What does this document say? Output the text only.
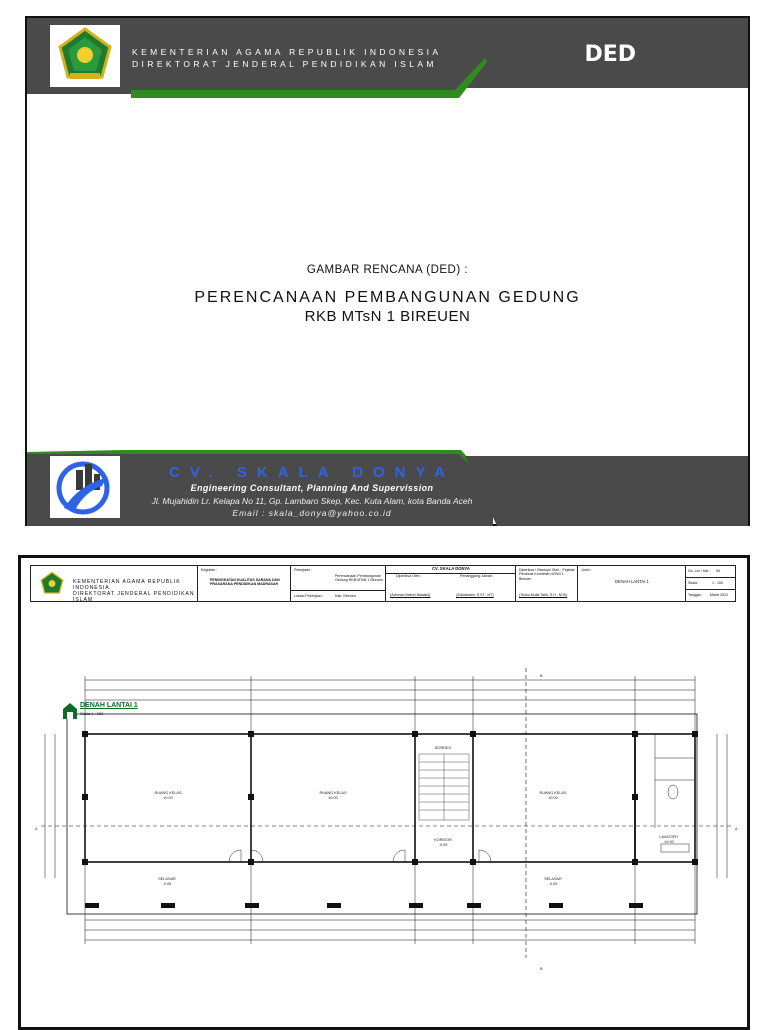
KEMENTERIAN AGAMA REPUBLIK INDONESIA
DIREKTORAT JENDERAL PENDIDIKAN ISLAM	DED
GAMBAR RENCANA (DED) :
PERENCANAAN PEMBANGUNAN GEDUNG
RKB MTsN 1 BIREUEN
CV. SKALA DONYA
Engineering Consultant, Planning And Supervission
Jl. Mujahidin Lr. Kelapa No 11, Gp. Lambaro Skep, Kec. Kuta Alam, kota Banda Aceh
Email : skala_donya@yahoo.co.id
KEMENTERIAN AGAMA REPUBLIK INDONESIA
DIREKTORAT JENDERAL PENDIDIKAN ISLAM
Kegiatan :
PENINGKATAN KUALITAS SARANA DAN PRASARANA PENDIDIKAN MADRASAH
Pekerjaan :
Perencanaan Pembangunan Gedung RKB MTsN 1 Bireuen
Lokasi Pekerjaan :	Kab. Bireuen
CV. SKALA DONYA
Diperiksa Oleh :	Penanggung Jawab :
(Achmad Bakhri Baisaini)	(Zulkarnaini, S.ST., MT)
Diperiksa / Disetujui Oleh : Pejabat Pembuat Komitmen MTsN 1 Bireuen
(Teuku Mulia Tahir, S.H., M.Si)
Judul :
DENAH LANTAI 1
No. Lbr / Hal : 05
Skala :	1 : 150
Tanggal : Maret 2022
RUANG KELAS
±0.00
RUANG KELAS
±0.00
RUANG KELAS
±0.00
SELASAR
-0.05
SELASAR
-0.05
BORDES
KORIDOR
-0.05
LAVATORY
±0.00
B
B
A	A
DENAH LANTAI 1
Skala 1 : 150
